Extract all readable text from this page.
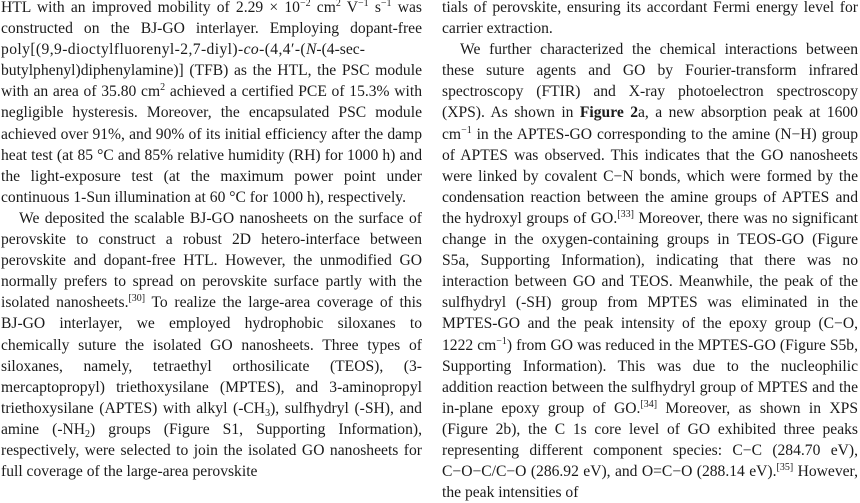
HTL with an improved mobility of $2.29 \times 10^{-2}$ $cm^2$ $V^{-1}$ $s^{-1}$ was constructed on the BJ-GO interlayer. Employing dopant-free poly[(9,9-dioctylfluorenyl-2,7-diyl)-co-(4,4′-(N-(4-sec-butylphenyl)diphenylamine)] (TFB) as the HTL, the PSC module with an area of 35.80 $cm^2$ achieved a certified PCE of 15.3% with negligible hysteresis. Moreover, the encapsulated PSC module achieved over 91%, and 90% of its initial efficiency after the damp heat test (at 85 °C and 85% relative humidity (RH) for 1000 h) and the light-exposure test (at the maximum power point under continuous 1-Sun illumination at 60 °C for 1000 h), respectively.

We deposited the scalable BJ-GO nanosheets on the surface of perovskite to construct a robust 2D hetero-interface between perovskite and dopant-free HTL. However, the unmodified GO normally prefers to spread on perovskite surface partly with the isolated nanosheets.[30] To realize the large-area coverage of this BJ-GO interlayer, we employed hydrophobic siloxanes to chemically suture the isolated GO nanosheets. Three types of siloxanes, namely, tetraethyl orthosilicate (TEOS), (3-mercaptopropyl) triethoxysilane (MPTES), and 3-aminopropyl triethoxysilane (APTES) with alkyl $(-CH_3)$, sulfhydryl (-SH), and amine $(-NH_2)$ groups (Figure S1, Supporting Information), respectively, were selected to join the isolated GO nanosheets for full coverage of the large-area perovskite

tials of perovskite, ensuring its accordant Fermi energy level for carrier extraction.

We further characterized the chemical interactions between these suture agents and GO by Fourier-transform infrared spectroscopy (FTIR) and X-ray photoelectron spectroscopy (XPS). As shown in Figure 2a, a new absorption peak at 1600 $cm^{-1}$ in the APTES-GO corresponding to the amine (N−H) group of APTES was observed. This indicates that the GO nanosheets were linked by covalent C−N bonds, which were formed by the condensation reaction between the amine groups of APTES and the hydroxyl groups of GO.[33] Moreover, there was no significant change in the oxygen-containing groups in TEOS-GO (Figure S5a, Supporting Information), indicating that there was no interaction between GO and TEOS. Meanwhile, the peak of the sulfhydryl (-SH) group from MPTES was eliminated in the MPTES-GO and the peak intensity of the epoxy group (C−O, 1222 $cm^{-1}$) from GO was reduced in the MPTES-GO (Figure S5b, Supporting Information). This was due to the nucleophilic addition reaction between the sulfhydryl group of MPTES and the in-plane epoxy group of GO.[34] Moreover, as shown in XPS (Figure 2b), the C 1s core level of GO exhibited three peaks representing different component species: C−C (284.70 eV), C−O−C/C−O (286.92 eV), and O=C−O (288.14 eV).[35] However, the peak intensities of
